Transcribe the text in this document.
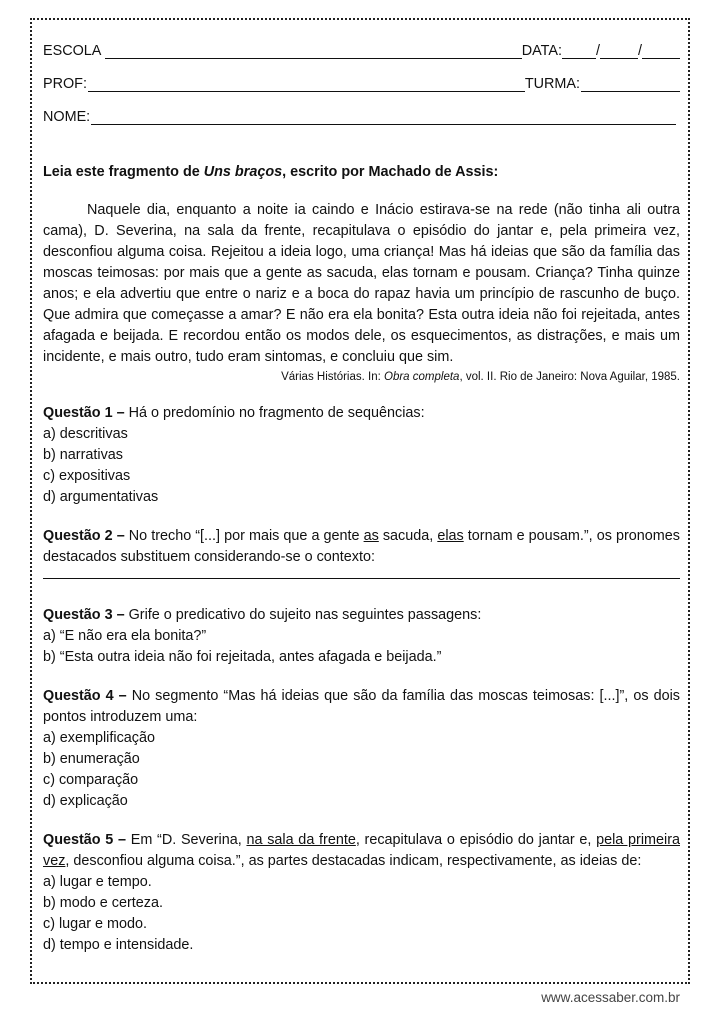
ESCOLA	DATA: /	/
PROF:	TURMA:
NOME:

Leia este fragmento de Uns braços, escrito por Machado de Assis:

Naquele dia, enquanto a noite ia caindo e Inácio estirava-se na rede (não tinha ali outra cama), D. Severina, na sala da frente, recapitulava o episódio do jantar e, pela primeira vez, desconfiou alguma coisa. Rejeitou a ideia logo, uma criança! Mas há ideias que são da família das moscas teimosas: por mais que a gente as sacuda, elas tornam e pousam. Criança? Tinha quinze anos; e ela advertiu que entre o nariz e a boca do rapaz havia um princípio de rascunho de buço. Que admira que começasse a amar? E não era ela bonita? Esta outra ideia não foi rejeitada, antes afagada e beijada. E recordou então os modos dele, os esquecimentos, as distrações, e mais um incidente, e mais outro, tudo eram sintomas, e concluiu que sim.

Várias Histórias. In: Obra completa, vol. II. Rio de Janeiro: Nova Aguilar, 1985.

Questão 1 – Há o predomínio no fragmento de sequências:

a) descritivas

b) narrativas

c) expositivas

d) argumentativas

Questão 2 – No trecho “[...] por mais que a gente as sacuda, elas tornam e pousam.”, os pronomes destacados substituem considerando-se o contexto:

Questão 3 – Grife o predicativo do sujeito nas seguintes passagens:

a) “E não era ela bonita?”

b) “Esta outra ideia não foi rejeitada, antes afagada e beijada.”

Questão 4 – No segmento “Mas há ideias que são da família das moscas teimosas: [...]”, os dois pontos introduzem uma:

a) exemplificação

b) enumeração

c) comparação

d) explicação

Questão 5 – Em “D. Severina, na sala da frente, recapitulava o episódio do jantar e, pela primeira vez, desconfiou alguma coisa.”, as partes destacadas indicam, respectivamente, as ideias de:

a) lugar e tempo.

b) modo e certeza.

c) lugar e modo.

d) tempo e intensidade.

www.acessaber.com.br
